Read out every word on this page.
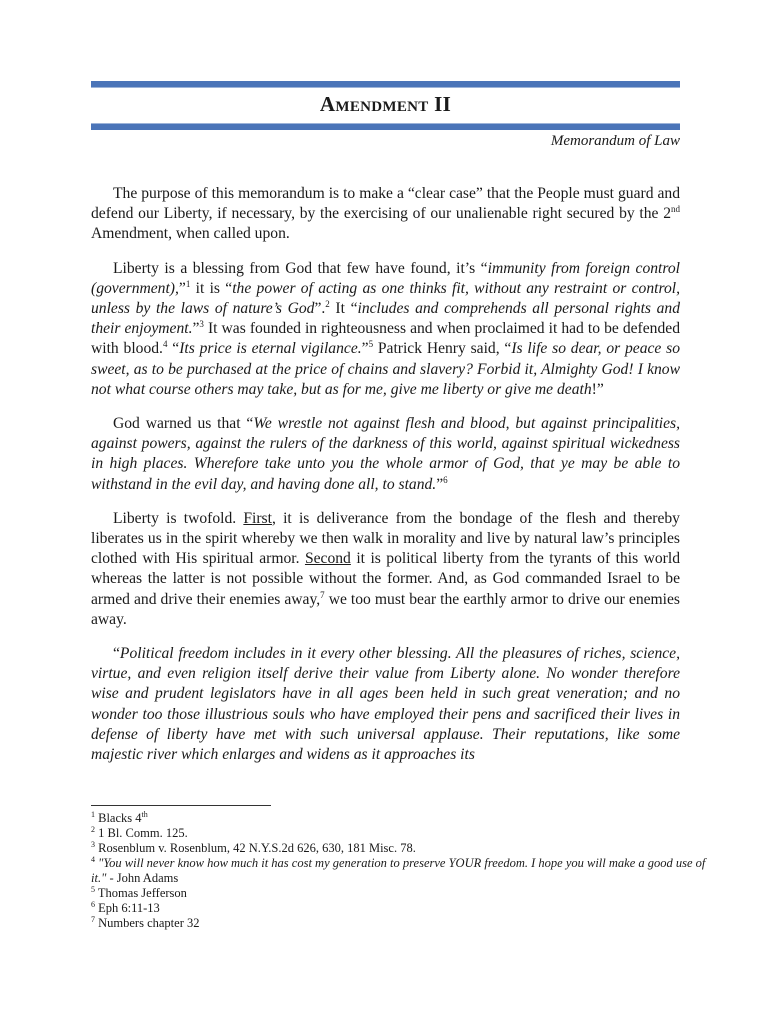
Amendment II
Memorandum of Law

The purpose of this memorandum is to make a “clear case” that the People must guard and defend our Liberty, if necessary, by the exercising of our unalienable right secured by the 2nd Amendment, when called upon.

Liberty is a blessing from God that few have found, it’s “immunity from foreign control (government),”$^1$ it is “the power of acting as one thinks fit, without any restraint or control, unless by the laws of nature’s God”.$^2$ It “includes and comprehends all personal rights and their enjoyment.”$^3$ It was founded in righteousness and when proclaimed it had to be defended with blood.$^4$ “Its price is eternal vigilance.”$^5$ Patrick Henry said, “Is life so dear, or peace so sweet, as to be purchased at the price of chains and slavery? Forbid it, Almighty God! I know not what course others may take, but as for me, give me liberty or give me death!”

God warned us that “We wrestle not against flesh and blood, but against principalities, against powers, against the rulers of the darkness of this world, against spiritual wickedness in high places. Wherefore take unto you the whole armor of God, that ye may be able to withstand in the evil day, and having done all, to stand.”$^6$

Liberty is twofold. First, it is deliverance from the bondage of the flesh and thereby liberates us in the spirit whereby we then walk in morality and live by natural law’s principles clothed with His spiritual armor. Second it is political liberty from the tyrants of this world whereas the latter is not possible without the former. And, as God commanded Israel to be armed and drive their enemies away,$^7$ we too must bear the earthly armor to drive our enemies away.

“Political freedom includes in it every other blessing. All the pleasures of riches, science, virtue, and even religion itself derive their value from Liberty alone. No wonder therefore wise and prudent legislators have in all ages been held in such great veneration; and no wonder too those illustrious souls who have employed their pens and sacrificed their lives in defense of liberty have met with such universal applause. Their reputations, like some majestic river which enlarges and widens as it approaches its

$^1$ Blacks 4th
$^2$ 1 Bl. Comm. 125.
$^3$ Rosenblum v. Rosenblum, 42 N.Y.S.2d 626, 630, 181 Misc. 78.
$^4$ "You will never know how much it has cost my generation to preserve YOUR freedom. I hope you will make a good use of it." - John Adams
$^5$ Thomas Jefferson
$^6$ Eph 6:11-13
$^7$ Numbers chapter 32
